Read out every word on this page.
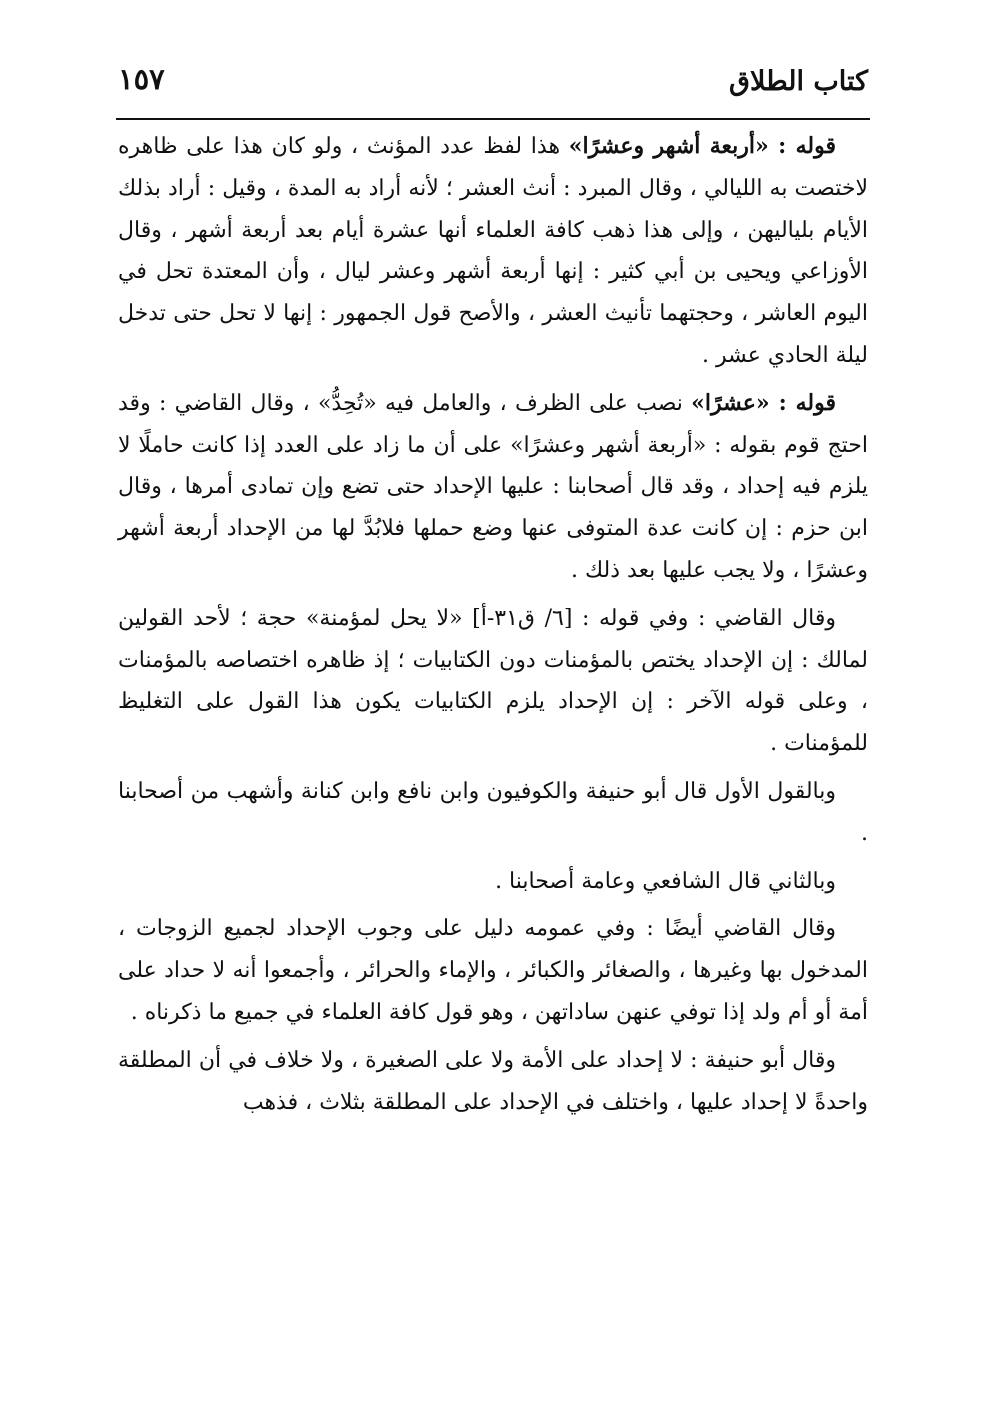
كتاب الطلاق
١٥٧

قوله : «أربعة أشهر وعشرًا» هذا لفظ عدد المؤنث ، ولو كان هذا على ظاهره لاختصت به الليالي ، وقال المبرد : أنث العشر ؛ لأنه أراد به المدة ، وقيل : أراد بذلك الأيام بلياليهن ، وإلى هذا ذهب كافة العلماء أنها عشرة أيام بعد أربعة أشهر ، وقال الأوزاعي ويحيى بن أبي كثير : إنها أربعة أشهر وعشر ليال ، وأن المعتدة تحل في اليوم العاشر ، وحجتهما تأنيث العشر ، والأصح قول الجمهور : إنها لا تحل حتى تدخل ليلة الحادي عشر .

قوله : «عشرًا» نصب على الظرف ، والعامل فيه «تُحِدُّ» ، وقال القاضي : وقد احتج قوم بقوله : «أربعة أشهر وعشرًا» على أن ما زاد على العدد إذا كانت حاملًا لا يلزم فيه إحداد ، وقد قال أصحابنا : عليها الإحداد حتى تضع وإن تمادى أمرها ، وقال ابن حزم : إن كانت عدة المتوفى عنها وضع حملها فلابُدَّ لها من الإحداد أربعة أشهر وعشرًا ، ولا يجب عليها بعد ذلك .

وقال القاضي : وفي قوله : [٦/ ق٣١-أ] «لا يحل لمؤمنة» حجة ؛ لأحد القولين لمالك : إن الإحداد يختص بالمؤمنات دون الكتابيات ؛ إذ ظاهره اختصاصه بالمؤمنات ، وعلى قوله الآخر : إن الإحداد يلزم الكتابيات يكون هذا القول على التغليظ للمؤمنات .

وبالقول الأول قال أبو حنيفة والكوفيون وابن نافع وابن كنانة وأشهب من أصحابنا .

وبالثاني قال الشافعي وعامة أصحابنا .

وقال القاضي أيضًا : وفي عمومه دليل على وجوب الإحداد لجميع الزوجات ، المدخول بها وغيرها ، والصغائر والكبائر ، والإماء والحرائر ، وأجمعوا أنه لا حداد على أمة أو أم ولد إذا توفي عنهن ساداتهن ، وهو قول كافة العلماء في جميع ما ذكرناه .

وقال أبو حنيفة : لا إحداد على الأمة ولا على الصغيرة ، ولا خلاف في أن المطلقة واحدةً لا إحداد عليها ، واختلف في الإحداد على المطلقة بثلاث ، فذهب
